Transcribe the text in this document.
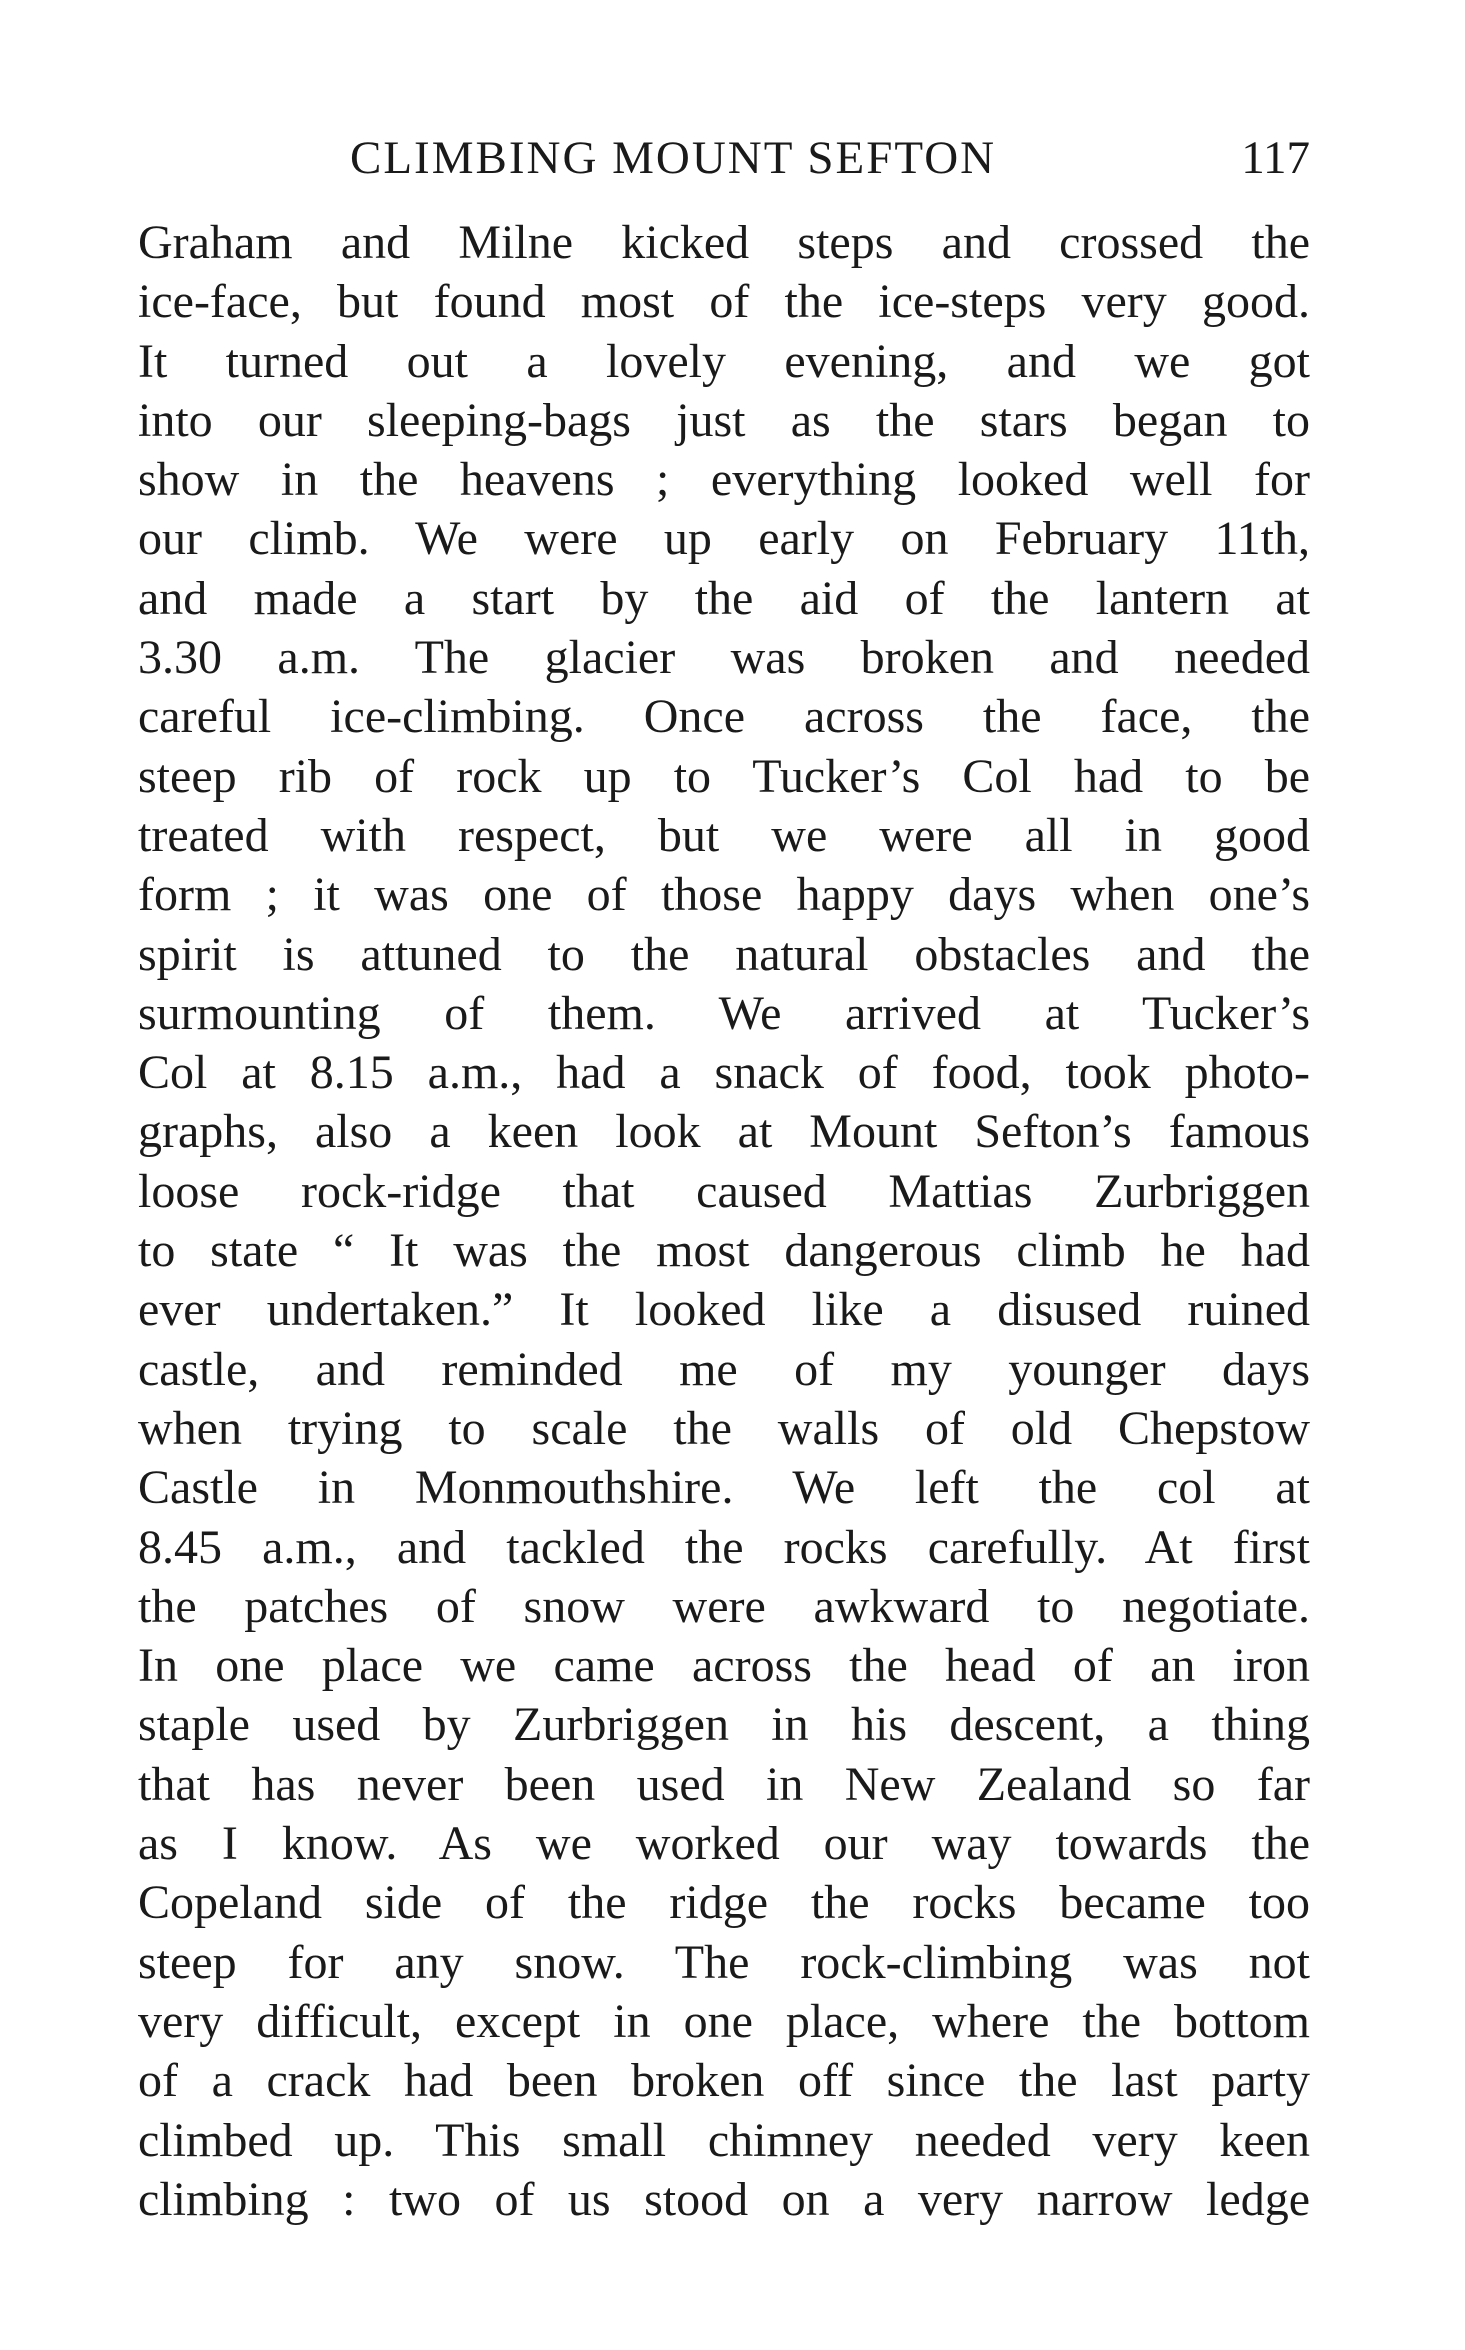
CLIMBING MOUNT SEFTON	117
Graham and Milne kicked steps and crossed the
ice-face, but found most of the ice-steps very good.
It turned out a lovely evening, and we got
into our sleeping-bags just as the stars began to
show in the heavens ; everything looked well for
our climb. We were up early on February 11th,
and made a start by the aid of the lantern at
3.30 a.m. The glacier was broken and needed
careful ice-climbing. Once across the face, the
steep rib of rock up to Tucker’s Col had to be
treated with respect, but we were all in good
form ; it was one of those happy days when one’s
spirit is attuned to the natural obstacles and the
surmounting of them. We arrived at Tucker’s
Col at 8.15 a.m., had a snack of food, took photo-
graphs, also a keen look at Mount Sefton’s famous
loose rock-ridge that caused Mattias Zurbriggen
to state “ It was the most dangerous climb he had
ever undertaken.” It looked like a disused ruined
castle, and reminded me of my younger days
when trying to scale the walls of old Chepstow
Castle in Monmouthshire. We left the col at
8.45 a.m., and tackled the rocks carefully. At first
the patches of snow were awkward to negotiate.
In one place we came across the head of an iron
staple used by Zurbriggen in his descent, a thing
that has never been used in New Zealand so far
as I know. As we worked our way towards the
Copeland side of the ridge the rocks became too
steep for any snow. The rock-climbing was not
very difficult, except in one place, where the bottom
of a crack had been broken off since the last party
climbed up. This small chimney needed very keen
climbing : two of us stood on a very narrow ledge
